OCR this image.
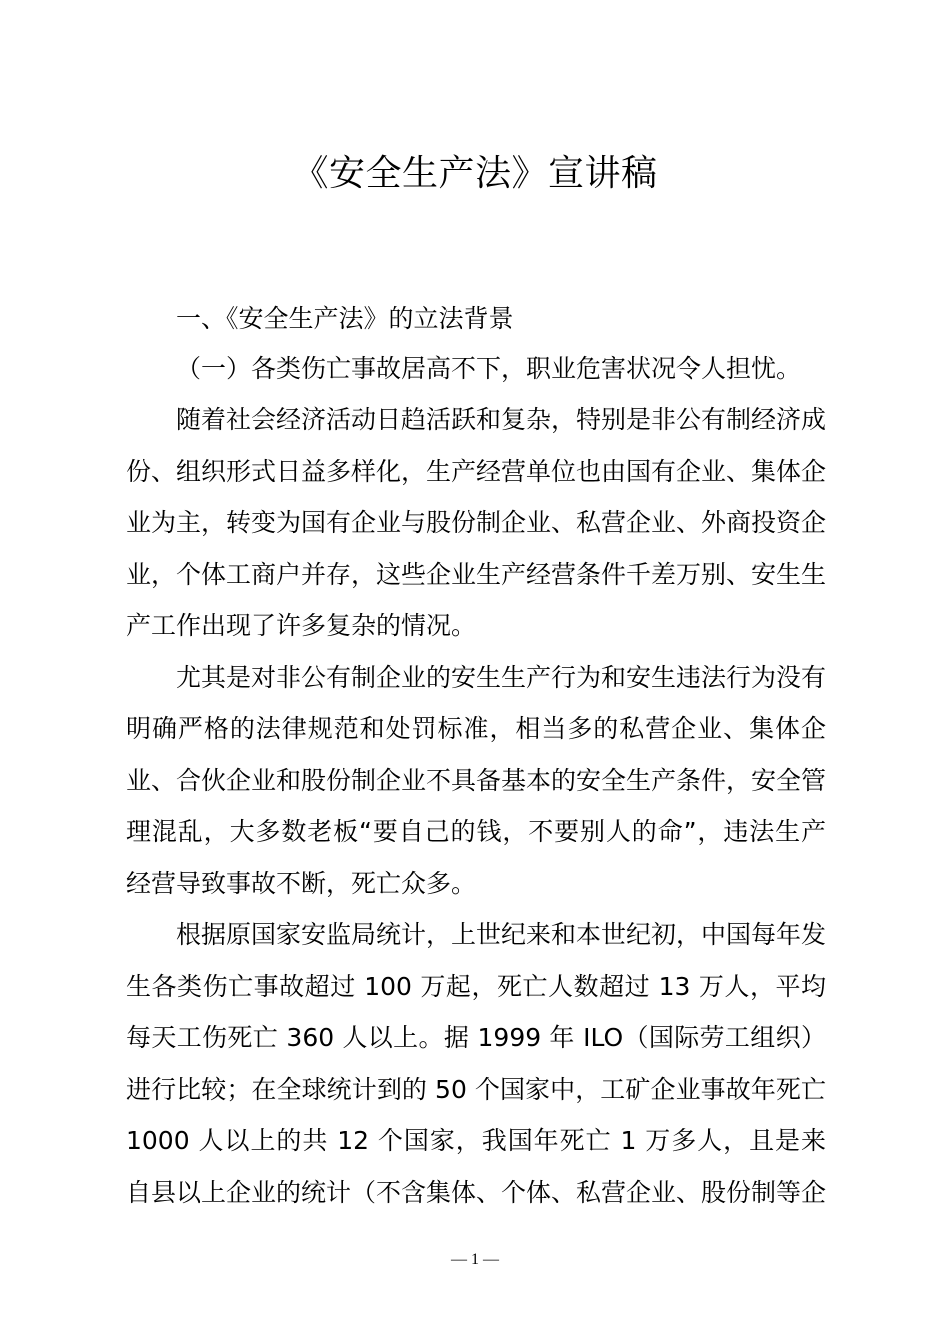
《安全生产法》宣讲稿

一、《安全生产法》的立法背景

（一）各类伤亡事故居高不下，职业危害状况令人担忧。

随着社会经济活动日趋活跃和复杂，特别是非公有制经济成份、组织形式日益多样化，生产经营单位也由国有企业、集体企业为主，转变为国有企业与股份制企业、私营企业、外商投资企业，个体工商户并存，这些企业生产经营条件千差万别、安生生产工作出现了许多复杂的情况。

尤其是对非公有制企业的安生生产行为和安生违法行为没有明确严格的法律规范和处罚标准，相当多的私营企业、集体企业、合伙企业和股份制企业不具备基本的安全生产条件，安全管理混乱，大多数老板“要自己的钱，不要别人的命”，违法生产经营导致事故不断，死亡众多。

根据原国家安监局统计，上世纪来和本世纪初，中国每年发生各类伤亡事故超过 100 万起，死亡人数超过 13 万人，平均每天工伤死亡 360 人以上。据 1999 年 ILO（国际劳工组织）进行比较；在全球统计到的 50 个国家中，工矿企业事故年死亡 1000 人以上的共 12 个国家，我国年死亡 1 万多人，且是来自县以上企业的统计（不含集体、个体、私营企业、股份制等企

— 1 —
